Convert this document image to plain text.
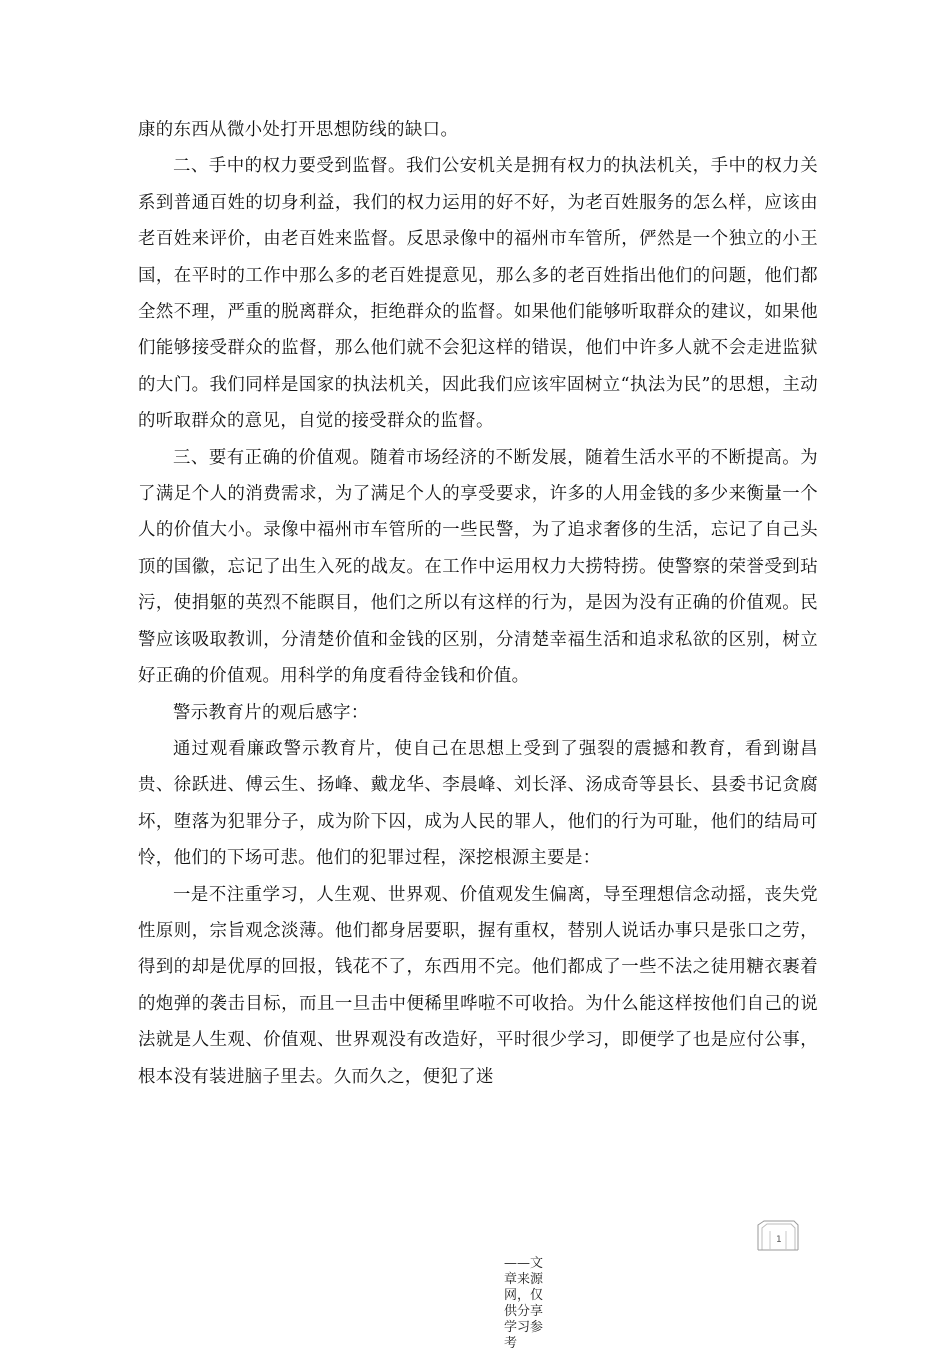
康的东西从微小处打开思想防线的缺口。

二、手中的权力要受到监督。我们公安机关是拥有权力的执法机关，手中的权力关系到普通百姓的切身利益，我们的权力运用的好不好，为老百姓服务的怎么样，应该由老百姓来评价，由老百姓来监督。反思录像中的福州市车管所，俨然是一个独立的小王国，在平时的工作中那么多的老百姓提意见，那么多的老百姓指出他们的问题，他们都全然不理，严重的脱离群众，拒绝群众的监督。如果他们能够听取群众的建议，如果他们能够接受群众的监督，那么他们就不会犯这样的错误，他们中许多人就不会走进监狱的大门。我们同样是国家的执法机关，因此我们应该牢固树立“执法为民”的思想，主动的听取群众的意见，自觉的接受群众的监督。

三、要有正确的价值观。随着市场经济的不断发展，随着生活水平的不断提高。为了满足个人的消费需求，为了满足个人的享受要求，许多的人用金钱的多少来衡量一个人的价值大小。录像中福州市车管所的一些民警，为了追求奢侈的生活，忘记了自己头顶的国徽，忘记了出生入死的战友。在工作中运用权力大捞特捞。使警察的荣誉受到玷污，使捐躯的英烈不能瞑目，他们之所以有这样的行为，是因为没有正确的价值观。民警应该吸取教训，分清楚价值和金钱的区别，分清楚幸福生活和追求私欲的区别，树立好正确的价值观。用科学的角度看待金钱和价值。

警示教育片的观后感字：

通过观看廉政警示教育片，使自己在思想上受到了强裂的震撼和教育，看到谢昌贵、徐跃进、傅云生、扬峰、戴龙华、李晨峰、刘长泽、汤成奇等县长、县委书记贪腐坏，堕落为犯罪分子，成为阶下囚，成为人民的罪人，他们的行为可耻，他们的结局可怜，他们的下场可悲。他们的犯罪过程，深挖根源主要是：

一是不注重学习，人生观、世界观、价值观发生偏离，导至理想信念动摇，丧失党性原则，宗旨观念淡薄。他们都身居要职，握有重权，替别人说话办事只是张口之劳，得到的却是优厚的回报，钱花不了，东西用不完。他们都成了一些不法之徒用糖衣裹着的炮弹的袭击目标，而且一旦击中便稀里哗啦不可收拾。为什么能这样按他们自己的说法就是人生观、价值观、世界观没有改造好，平时很少学习，即便学了也是应付公事，根本没有装进脑子里去。久而久之，便犯了迷

1
——文章来源网，仅供分享学习参考
